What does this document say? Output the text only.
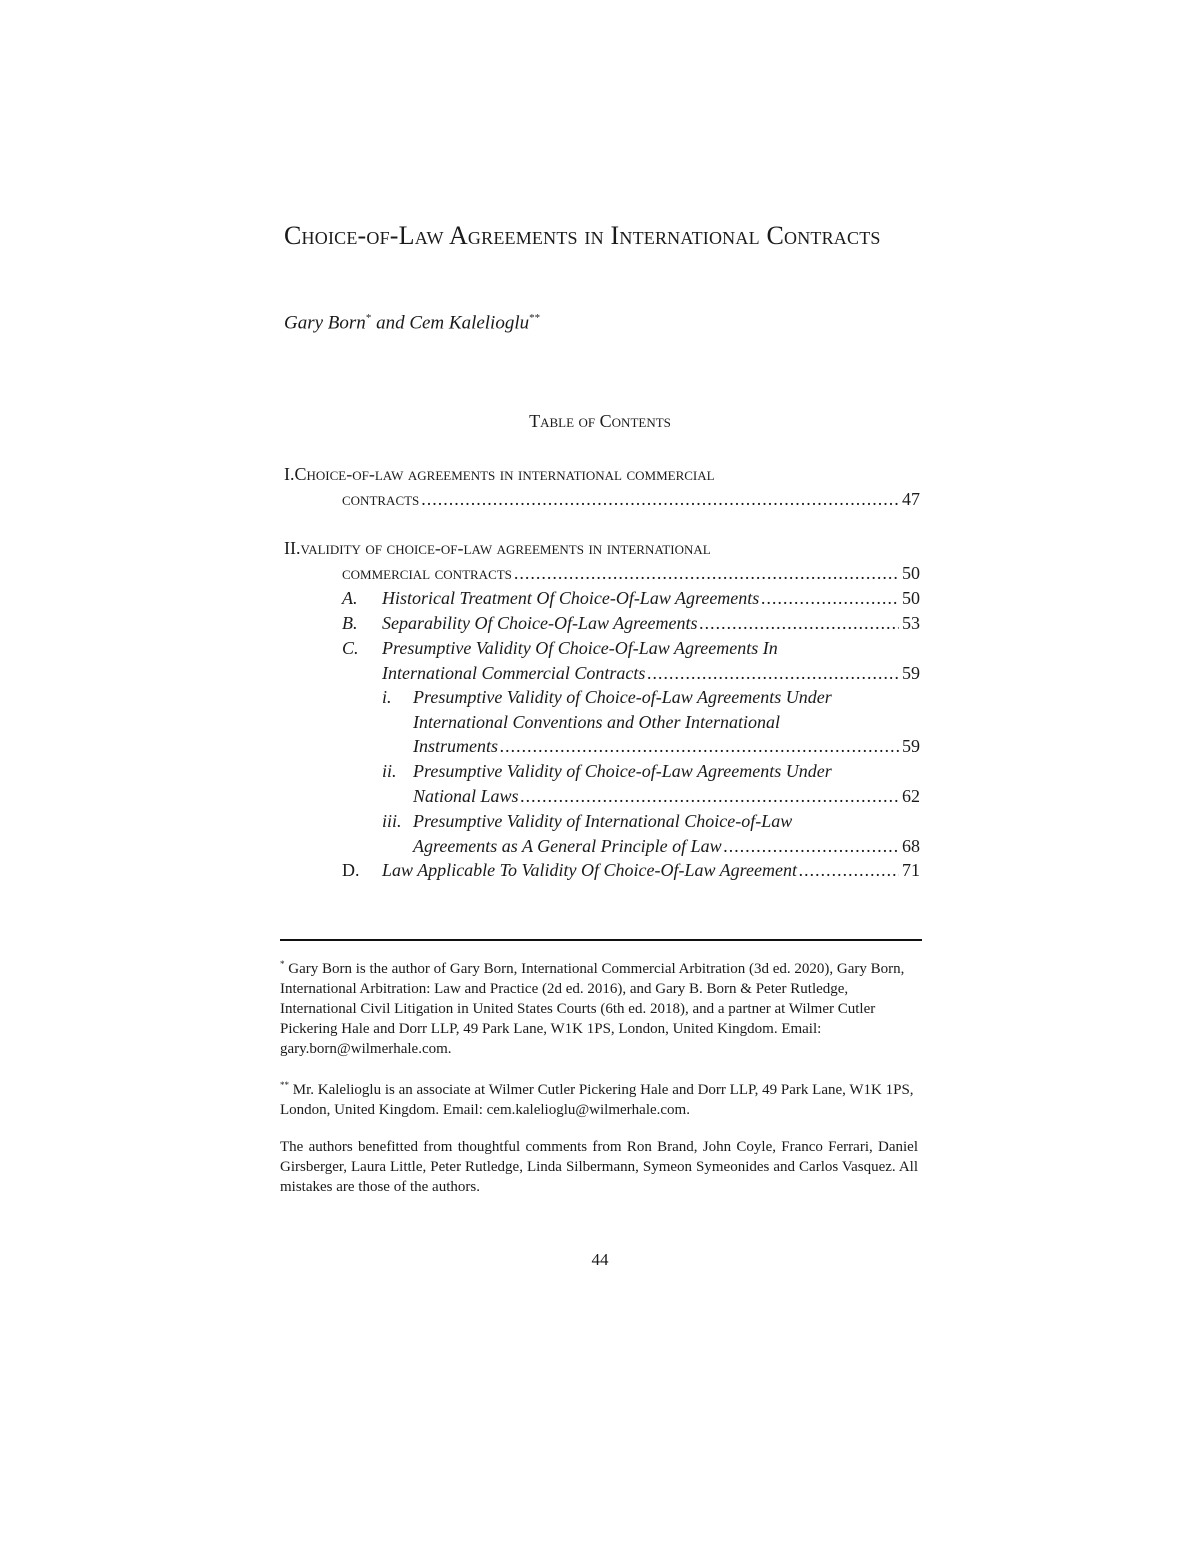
Choice-of-Law Agreements in International Contracts
Gary Born* and Cem Kalelioglu**
Table of Contents
I.Choice-of-law agreements in international commercial
contracts .....	47
II.validity of choice-of-law agreements in international
commercial contracts .....	50
A. Historical Treatment Of Choice-Of-Law Agreements .....	50
B. Separability Of Choice-Of-Law Agreements .....	53
C. Presumptive Validity Of Choice-Of-Law Agreements In
International Commercial Contracts .....	59
i. Presumptive Validity of Choice-of-Law Agreements Under
International Conventions and Other International
Instruments .....	59
ii. Presumptive Validity of Choice-of-Law Agreements Under
National Laws .....	62
iii. Presumptive Validity of International Choice-of-Law
Agreements as A General Principle of Law .....	68
D. Law Applicable To Validity Of Choice-Of-Law Agreement .....	71
* Gary Born is the author of Gary Born, International Commercial Arbitration (3d ed. 2020), Gary Born, International Arbitration: Law and Practice (2d ed. 2016), and Gary B. Born & Peter Rutledge, International Civil Litigation in United States Courts (6th ed. 2018), and a partner at Wilmer Cutler Pickering Hale and Dorr LLP, 49 Park Lane, W1K 1PS, London, United Kingdom. Email: gary.born@wilmerhale.com.
** Mr. Kalelioglu is an associate at Wilmer Cutler Pickering Hale and Dorr LLP, 49 Park Lane, W1K 1PS, London, United Kingdom. Email: cem.kalelioglu@wilmerhale.com.
The authors benefitted from thoughtful comments from Ron Brand, John Coyle, Franco Ferrari, Daniel Girsberger, Laura Little, Peter Rutledge, Linda Silbermann, Symeon Symeonides and Carlos Vasquez. All mistakes are those of the authors.
44
